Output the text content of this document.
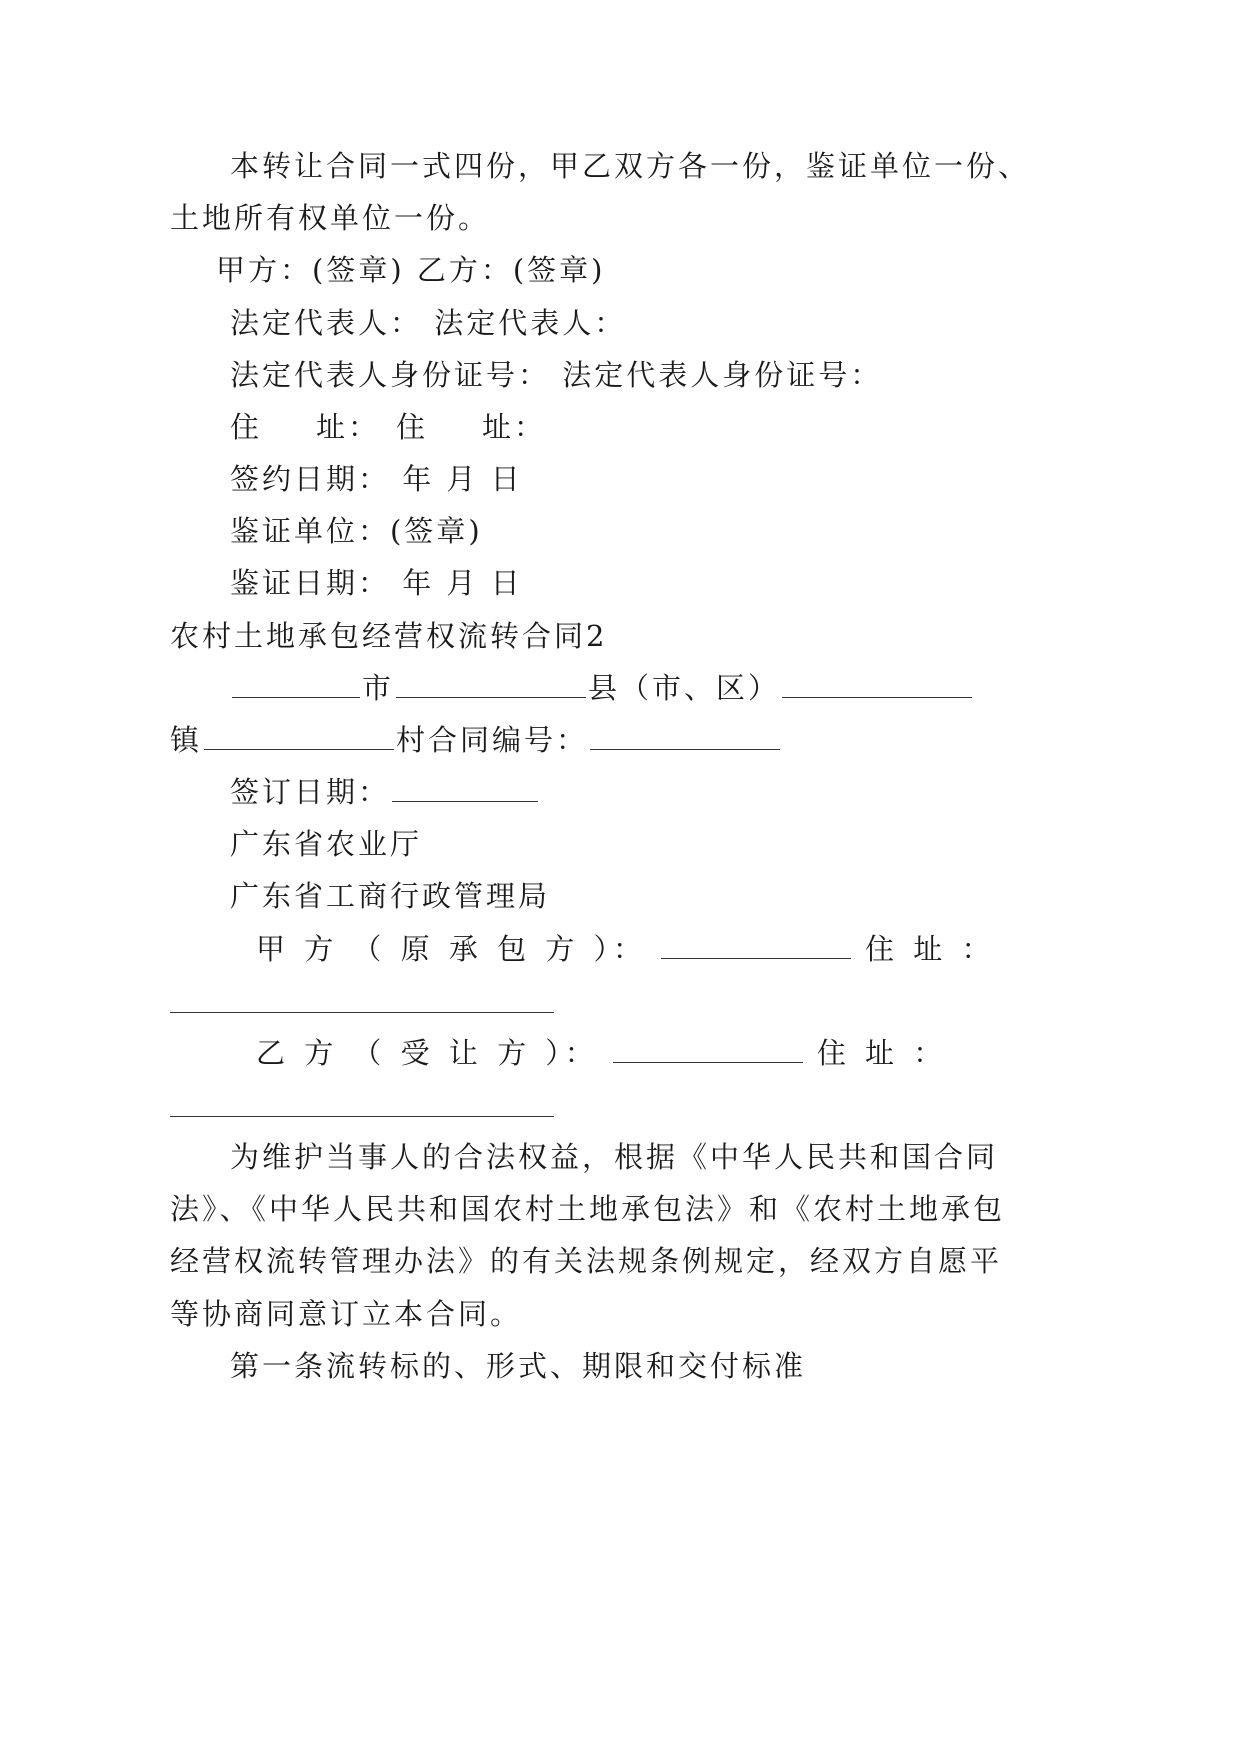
本转让合同一式四份，甲乙双方各一份，鉴证单位一份、
土地所有权单位一份。
甲方：(签章) 乙方：(签章)
法定代表人： 法定代表人：
法定代表人身份证号： 法定代表人身份证号：
住 址： 住 址：
签约日期： 年 月 日
鉴证单位：(签章)
鉴证日期： 年 月 日
农村土地承包经营权流转合同2
市	县（市、区）
镇	村合同编号：
签订日期：
广东省农业厅
广东省工商行政管理局
甲 方 （ 原 承 包 方 ）：	住 址 ：
乙 方 （ 受 让 方 ）：	住 址 ：
为维护当事人的合法权益，根据《中华人民共和国合同
法》、《中华人民共和国农村土地承包法》和《农村土地承包
经营权流转管理办法》的有关法规条例规定，经双方自愿平
等协商同意订立本合同。
第一条流转标的、形式、期限和交付标准
